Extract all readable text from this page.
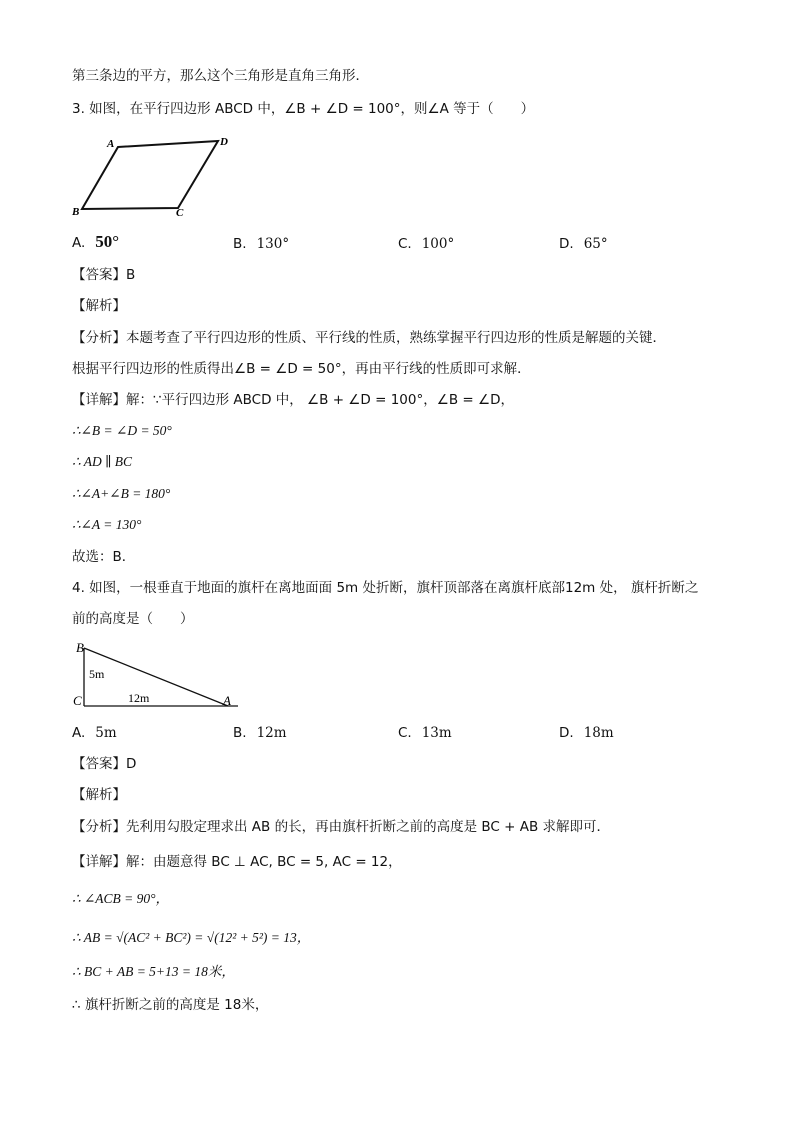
第三条边的平方，那么这个三角形是直角三角形．
3. 如图，在平行四边形 ABCD 中，∠B + ∠D = 100°，则∠A 等于（　　）
A	D
B	C
A. 50°	B. 130°	C. 100°	D. 65°
【答案】B
【解析】
【分析】本题考查了平行四边形的性质、平行线的性质，熟练掌握平行四边形的性质是解题的关键．
根据平行四边形的性质得出∠B = ∠D = 50°，再由平行线的性质即可求解．
【详解】解：∵平行四边形 ABCD 中， ∠B + ∠D = 100°，∠B = ∠D，
∴∠B = ∠D = 50°
∴ AD ∥ BC
∴∠A+∠B = 180°
∴∠A = 130°
故选：B．
4. 如图，一根垂直于地面的旗杆在离地面面 5m 处折断，旗杆顶部落在离旗杆底部12m 处， 旗杆折断之
前的高度是（　　）
B
C	A
5m
12m
A. 5m	B. 12m	C. 13m	D. 18m
【答案】D
【解析】
【分析】先利用勾股定理求出 AB 的长，再由旗杆折断之前的高度是 BC + AB 求解即可．
【详解】解：由题意得 BC ⊥ AC, BC = 5, AC = 12，
∴ ∠ACB = 90°，
∴ AB = √(AC² + BC²) = √(12² + 5²) = 13，
∴ BC + AB = 5+13 = 18米，
∴ 旗杆折断之前的高度是 18米，
